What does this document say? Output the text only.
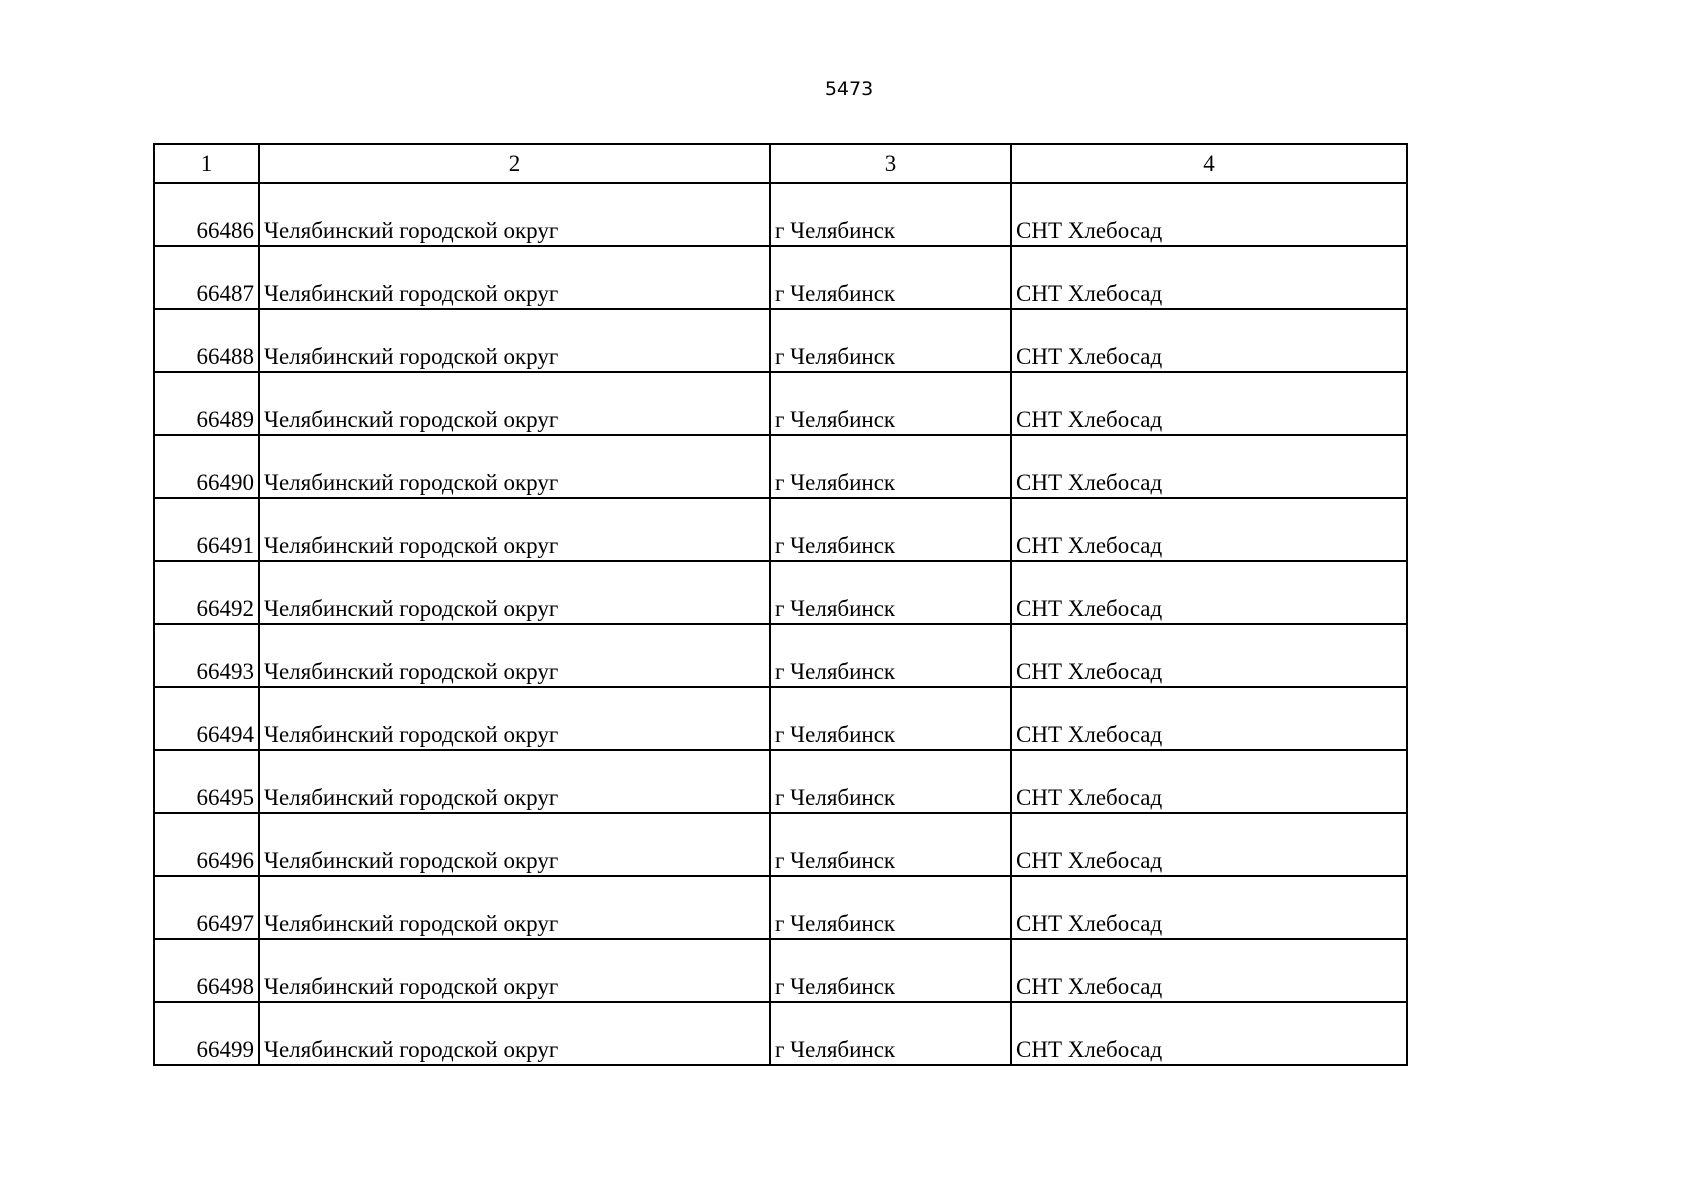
5473
1	2	3	4
66486	Челябинский городской округ	г Челябинск	СНТ Хлебосад
66487	Челябинский городской округ	г Челябинск	СНТ Хлебосад
66488	Челябинский городской округ	г Челябинск	СНТ Хлебосад
66489	Челябинский городской округ	г Челябинск	СНТ Хлебосад
66490	Челябинский городской округ	г Челябинск	СНТ Хлебосад
66491	Челябинский городской округ	г Челябинск	СНТ Хлебосад
66492	Челябинский городской округ	г Челябинск	СНТ Хлебосад
66493	Челябинский городской округ	г Челябинск	СНТ Хлебосад
66494	Челябинский городской округ	г Челябинск	СНТ Хлебосад
66495	Челябинский городской округ	г Челябинск	СНТ Хлебосад
66496	Челябинский городской округ	г Челябинск	СНТ Хлебосад
66497	Челябинский городской округ	г Челябинск	СНТ Хлебосад
66498	Челябинский городской округ	г Челябинск	СНТ Хлебосад
66499	Челябинский городской округ	г Челябинск	СНТ Хлебосад
